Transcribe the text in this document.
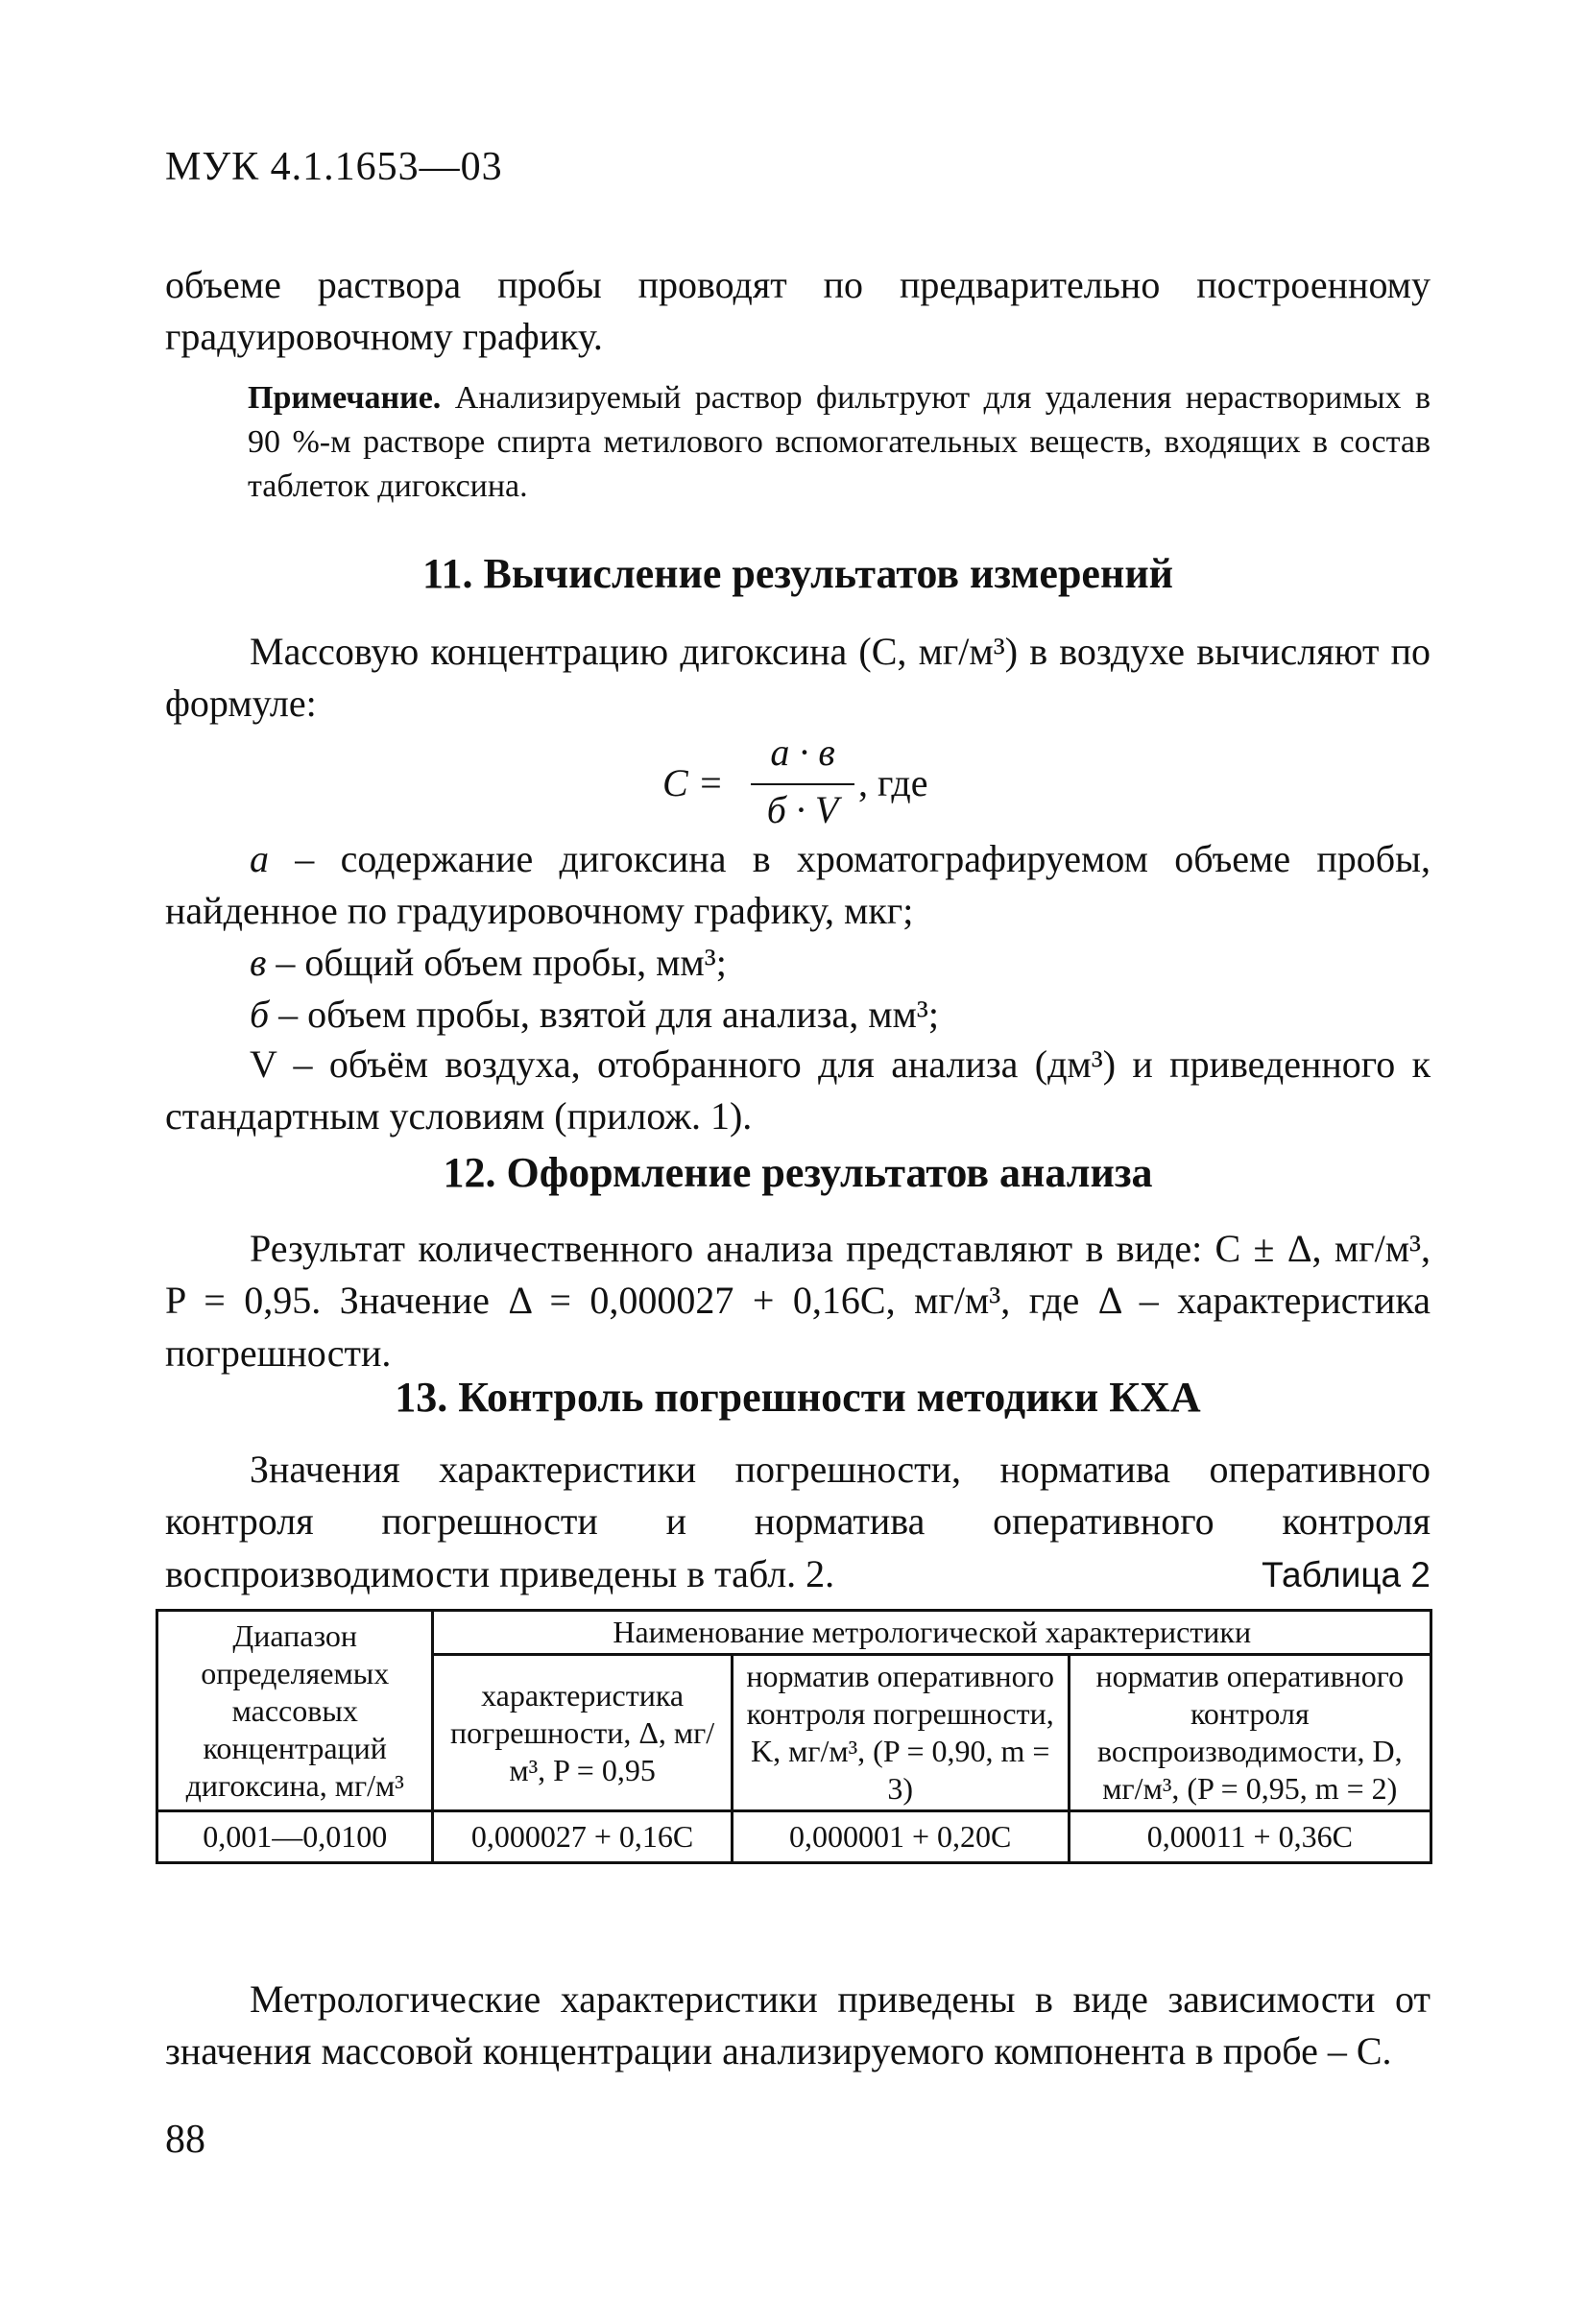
МУК 4.1.1653—03
объеме раствора пробы проводят по предварительно построенному градуировочному графику.
Примечание. Анализируемый раствор фильтруют для удаления нерастворимых в 90 %-м растворе спирта метилового вспомогательных веществ, входящих в состав таблеток дигоксина.
11. Вычисление результатов измерений
Массовую концентрацию дигоксина (C, мг/м³) в воздухе вычисляют по формуле:
C =
a · в
б · V
, где
а – содержание дигоксина в хроматографируемом объеме пробы, найденное по градуировочному графику, мкг;
в – общий объем пробы, мм³;
б – объем пробы, взятой для анализа, мм³;
V – объём воздуха, отобранного для анализа (дм³) и приведенного к стандартным условиям (прилож. 1).
12. Оформление результатов анализа
Результат количественного анализа представляют в виде: C ± Δ, мг/м³, P = 0,95. Значение Δ = 0,000027 + 0,16C, мг/м³, где Δ – характеристика погрешности.
13. Контроль погрешности методики КХА
Значения характеристики погрешности, норматива оперативного контроля погрешности и норматива оперативного контроля воспроизводимости приведены в табл. 2.	Таблица 2
Диапазон определяемых массовых концентраций дигоксина, мг/м³	Наименование метрологической характеристики		
	характеристика погрешности, Δ, мг/м³, P = 0,95	норматив оперативного контроля погрешности, K, мг/м³, (P = 0,90, m = 3)	норматив оперативного контроля воспроизводимости, D, мг/м³, (P = 0,95, m = 2)
0,001—0,0100	0,000027 + 0,16C	0,000001 + 0,20C	0,00011 + 0,36C
Метрологические характеристики приведены в виде зависимости от значения массовой концентрации анализируемого компонента в пробе – C.
88
